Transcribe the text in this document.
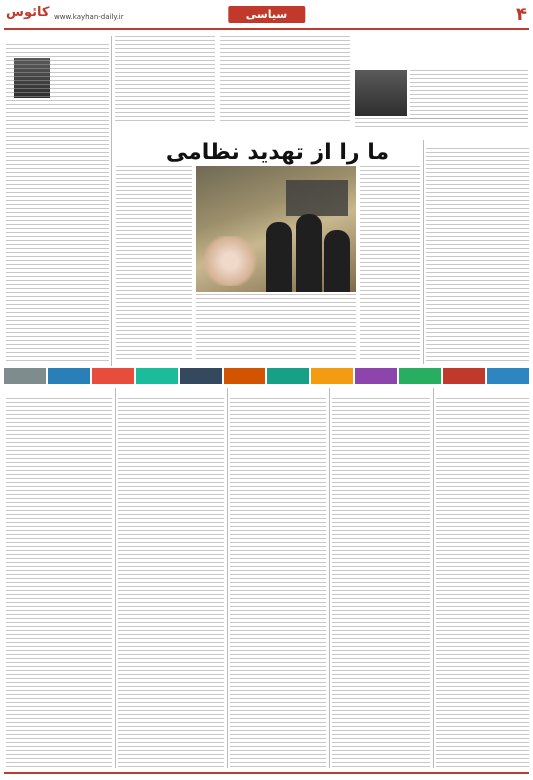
۴
سیاسی
کائوس www.kayhan-daily.ir
ما را از تهدید نظامی
